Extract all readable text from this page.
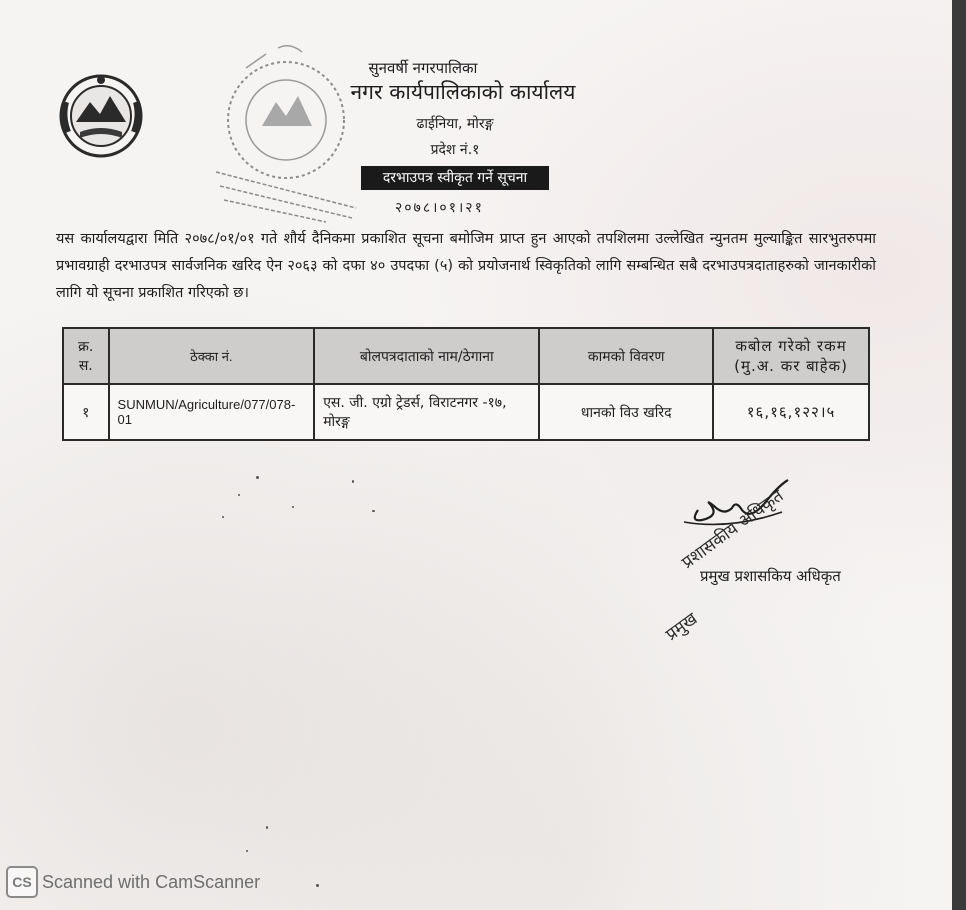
सुनवर्षी नगरपालिका
नगर कार्यपालिकाको कार्यालय
ढाईनिया, मोरङ्ग
प्रदेश नं.१
दरभाउपत्र स्वीकृत गर्ने सूचना
२०७८।०१।२१

यस कार्यालयद्वारा मिति २०७८/०१/०१ गते शौर्य दैनिकमा प्रकाशित सूचना बमोजिम प्राप्त हुन आएको तपशिलमा उल्लेखित न्युनतम मुल्याङ्कित सारभुतरुपमा प्रभावग्राही दरभाउपत्र सार्वजनिक खरिद ऐन २०६३ को दफा ४० उपदफा (५) को प्रयोजनार्थ स्विकृतिको लागि सम्बन्धित सबै दरभाउपत्रदाताहरुको जानकारीको लागि यो सूचना प्रकाशित गरिएको छ।

क्र. स.	ठेक्का नं.	बोलपत्रदाताको नाम/ठेगाना	कामको विवरण	कबोल गरेको रकम (मु.अ. कर बाहेक)
१	SUNMUN/Agriculture/077/078-01	एस. जी. एग्रो ट्रेडर्स, विराटनगर -१७, मोरङ्ग	धानको विउ खरिद	१६,१६,१२२।५
प्रशासकीय अधिकृत
प्रमुख प्रशासकिय अधिकृत
प्रमुख
CS Scanned with CamScanner
